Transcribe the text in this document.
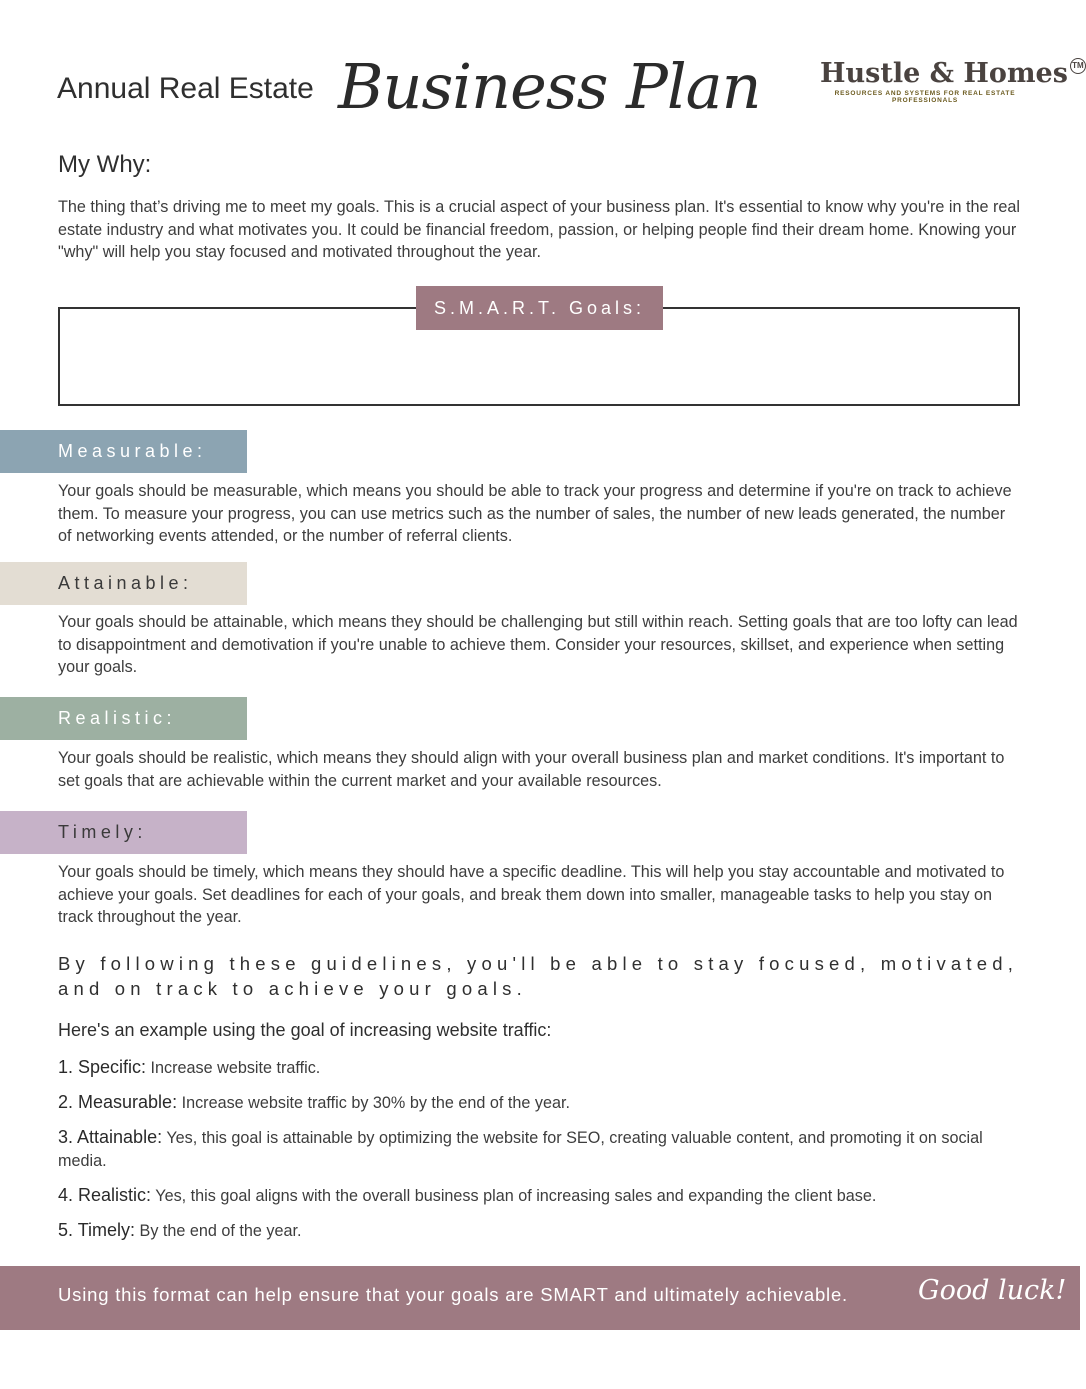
Annual Real Estate Business Plan Hustle & Homes TM
RESOURCES AND SYSTEMS FOR REAL ESTATE PROFESSIONALS
My Why:

The thing that’s driving me to meet my goals. This is a crucial aspect of your business plan. It's essential to know why you're in the real estate industry and what motivates you. It could be financial freedom, passion, or helping people find their dream home. Knowing your "why" will help you stay focused and motivated throughout the year.

S.M.A.R.T. Goals:
Measurable:

Your goals should be measurable, which means you should be able to track your progress and determine if you're on track to achieve them. To measure your progress, you can use metrics such as the number of sales, the number of new leads generated, the number of networking events attended, or the number of referral clients.

Attainable:

Your goals should be attainable, which means they should be challenging but still within reach. Setting goals that are too lofty can lead to disappointment and demotivation if you're unable to achieve them. Consider your resources, skillset, and experience when setting your goals.

Realistic:

Your goals should be realistic, which means they should align with your overall business plan and market conditions. It's important to set goals that are achievable within the current market and your available resources.

Timely:

Your goals should be timely, which means they should have a specific deadline. This will help you stay accountable and motivated to achieve your goals. Set deadlines for each of your goals, and break them down into smaller, manageable tasks to help you stay on track throughout the year.

By following these guidelines, you'll be able to stay focused, motivated, and on track to achieve your goals.

Here's an example using the goal of increasing website traffic:

1. Specific: Increase website traffic.

2. Measurable: Increase website traffic by 30% by the end of the year.

3. Attainable: Yes, this goal is attainable by optimizing the website for SEO, creating valuable content, and promoting it on social media.

4. Realistic: Yes, this goal aligns with the overall business plan of increasing sales and expanding the client base.

5. Timely: By the end of the year.

Using this format can help ensure that your goals are SMART and ultimately achievable.	Good luck!
